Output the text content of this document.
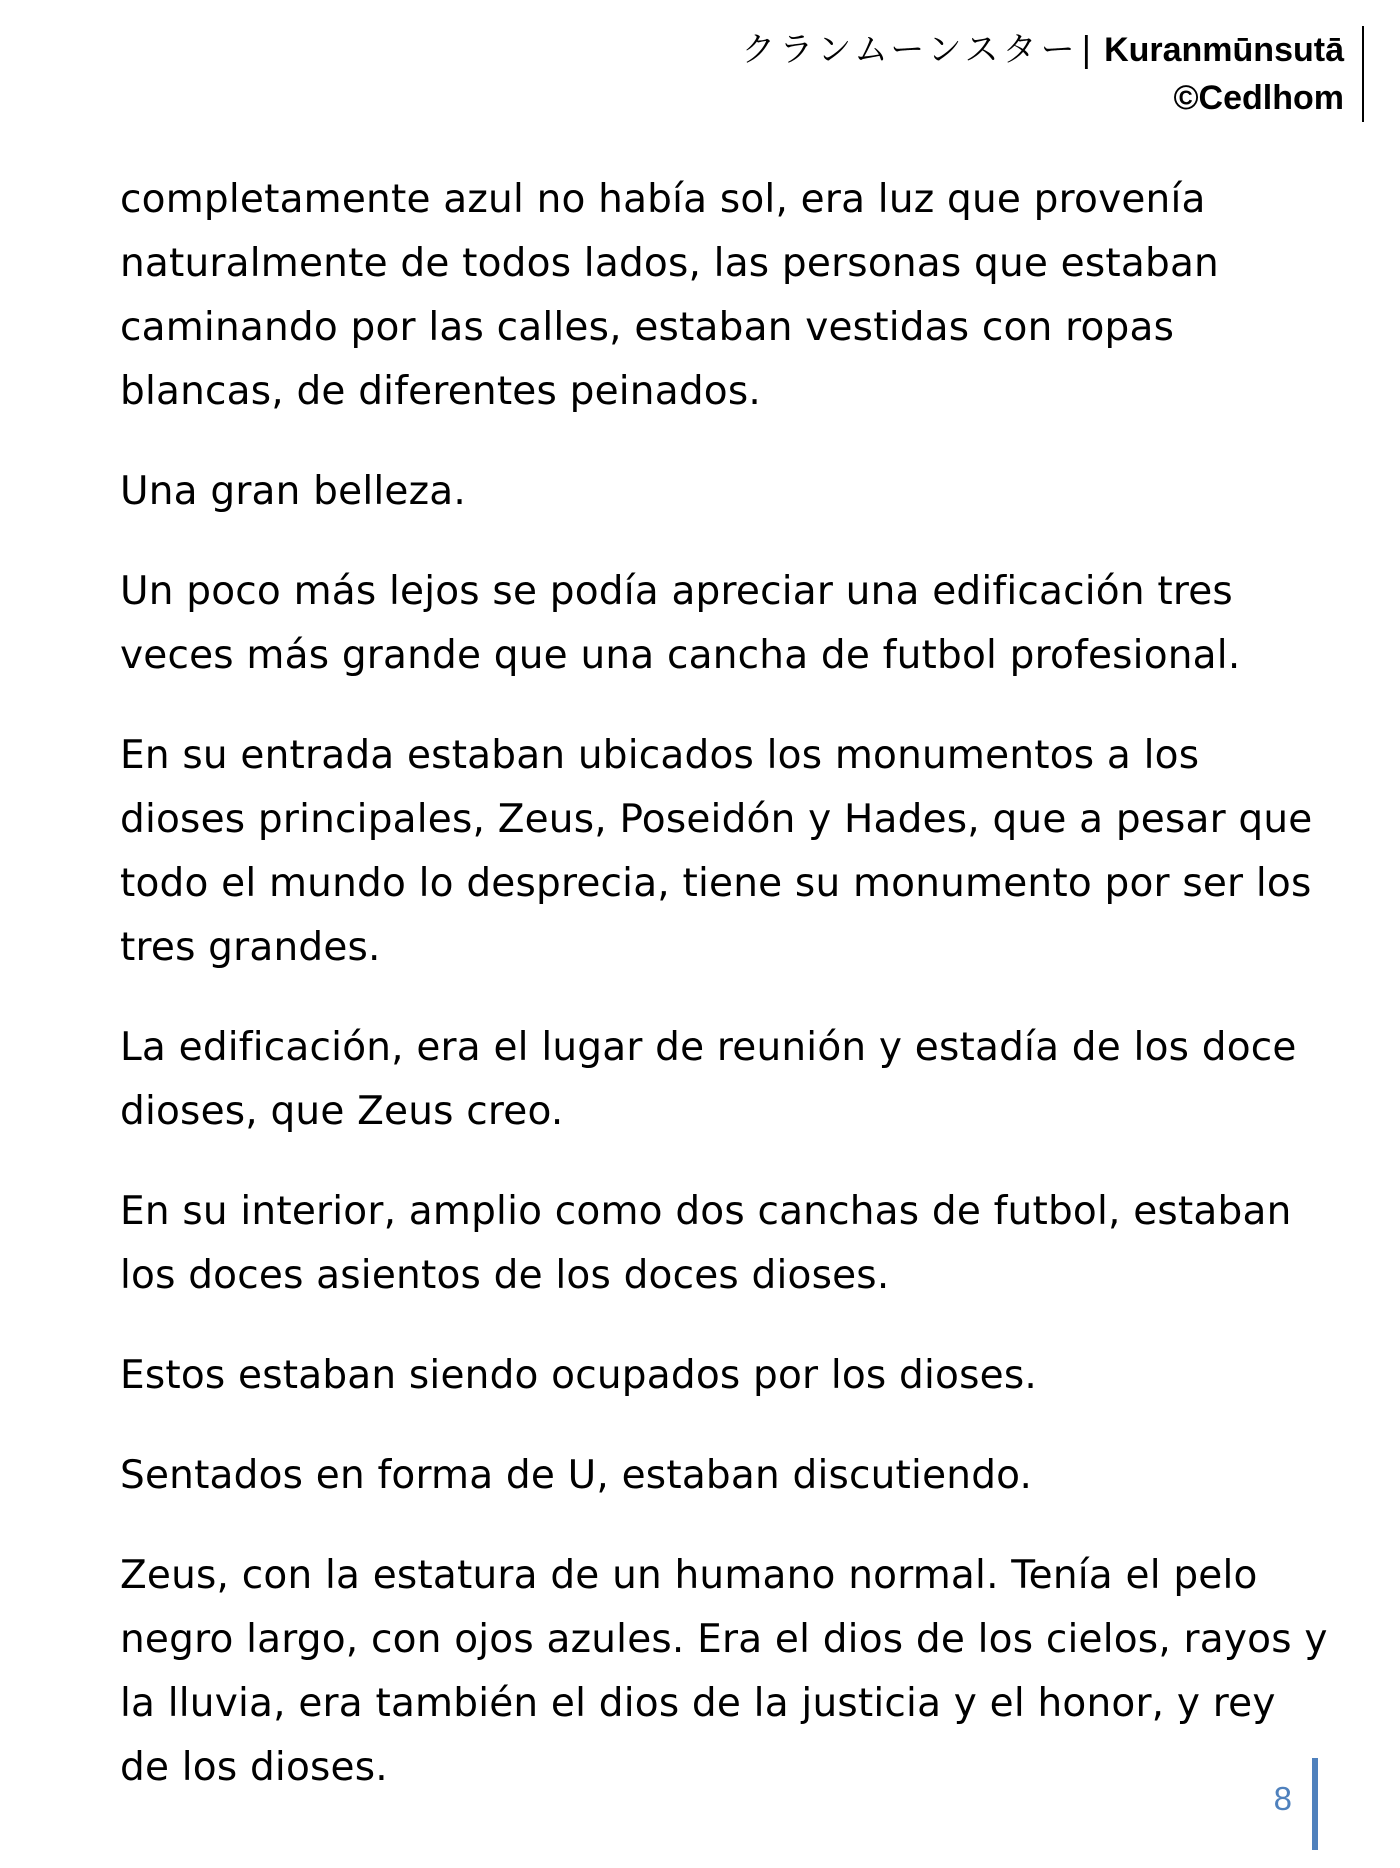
クランムーンスター| Kuranmūnsutā
©Cedlhom

completamente azul no había sol, era luz que provenía naturalmente de todos lados, las personas que estaban caminando por las calles, estaban vestidas con ropas blancas, de diferentes peinados.

Una gran belleza.

Un poco más lejos se podía apreciar una edificación tres veces más grande que una cancha de futbol profesional.

En su entrada estaban ubicados los monumentos a los dioses principales, Zeus, Poseidón y Hades, que a pesar que todo el mundo lo desprecia, tiene su monumento por ser los tres grandes.

La edificación, era el lugar de reunión y estadía de los doce dioses, que Zeus creo.

En su interior, amplio como dos canchas de futbol, estaban los doces asientos de los doces dioses.

Estos estaban siendo ocupados por los dioses.

Sentados en forma de U, estaban discutiendo.

Zeus, con la estatura de un humano normal. Tenía el pelo negro largo, con ojos azules. Era el dios de los cielos, rayos y la lluvia, era también el dios de la justicia y el honor, y rey de los dioses.

8
